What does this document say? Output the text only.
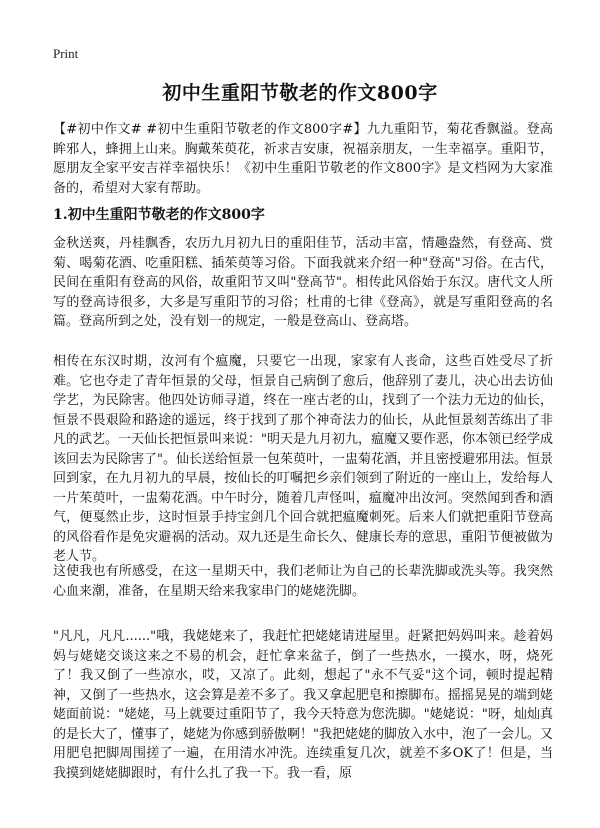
Print
初中生重阳节敬老的作文800字
【#初中作文# #初中生重阳节敬老的作文800字#】九九重阳节，菊花香飘溢。登高眸邪人，蜂拥上山来。胸戴茱萸花，祈求吉安康，祝福亲朋友，一生幸福享。重阳节，愿朋友全家平安吉祥幸福快乐！《初中生重阳节敬老的作文800字》是文档网为大家准备的，希望对大家有帮助。
1.初中生重阳节敬老的作文800字
金秋送爽，丹桂飘香，农历九月初九日的重阳佳节，活动丰富，情趣盎然，有登高、赏菊、喝菊花酒、吃重阳糕、插茱萸等习俗。下面我就来介绍一种"登高"习俗。在古代，民间在重阳有登高的风俗，故重阳节又叫"登高节"。相传此风俗始于东汉。唐代文人所写的登高诗很多，大多是写重阳节的习俗；杜甫的七律《登高》，就是写重阳登高的名篇。登高所到之处，没有划一的规定，一般是登高山、登高塔。
相传在东汉时期，汝河有个瘟魔，只要它一出现，家家有人丧命，这些百姓受尽了折难。它也夺走了青年恒景的父母，恒景自己病倒了愈后，他辞别了妻儿，决心出去访仙学艺，为民除害。他四处访师寻道，终在一座古老的山，找到了一个法力无边的仙长，恒景不畏艰险和路途的遥远，终于找到了那个神奇法力的仙长，从此恒景刻苦练出了非凡的武艺。一天仙长把恒景叫来说："明天是九月初九，瘟魔又要作恶，你本领已经学成该回去为民除害了"。仙长送给恒景一包茱萸叶，一盅菊花酒，并且密授避邪用法。恒景回到家，在九月初九的早晨，按仙长的叮嘱把乡亲们领到了附近的一座山上，发给每人一片茱萸叶，一盅菊花酒。中午时分，随着几声怪叫，瘟魔冲出汝河。突然闻到香和酒气，便戛然止步，这时恒景手持宝剑几个回合就把瘟魔刺死。后来人们就把重阳节登高的风俗看作是免灾避祸的活动。双九还是生命长久、健康长寿的意思，重阳节便被做为老人节。
这使我也有所感受，在这一星期天中，我们老师让为自己的长辈洗脚或洗头等。我突然心血来潮，准备，在星期天给来我家串门的姥姥洗脚。
"凡凡，凡凡......"哦，我姥姥来了，我赶忙把姥姥请进屋里。赶紧把妈妈叫来。趁着妈妈与姥姥交谈这来之不易的机会，赶忙拿来盆子，倒了一些热水，一摸水，呀，烧死了！我又倒了一些凉水，哎，又凉了。此刻，想起了"永不气妥"这个词，顿时提起精神，又倒了一些热水，这会算是差不多了。我又拿起肥皂和擦脚布。摇摇晃晃的端到姥姥面前说："姥姥，马上就要过重阳节了，我今天特意为您洗脚。"姥姥说："呀，灿灿真的是长大了，懂事了，姥姥为你感到骄傲啊！"我把姥姥的脚放入水中，泡了一会儿。又用肥皂把脚周围搓了一遍，在用清水冲洗。连续重复几次，就差不多OK了！但是，当我摸到姥姥脚跟时，有什么扎了我一下。我一看，原
